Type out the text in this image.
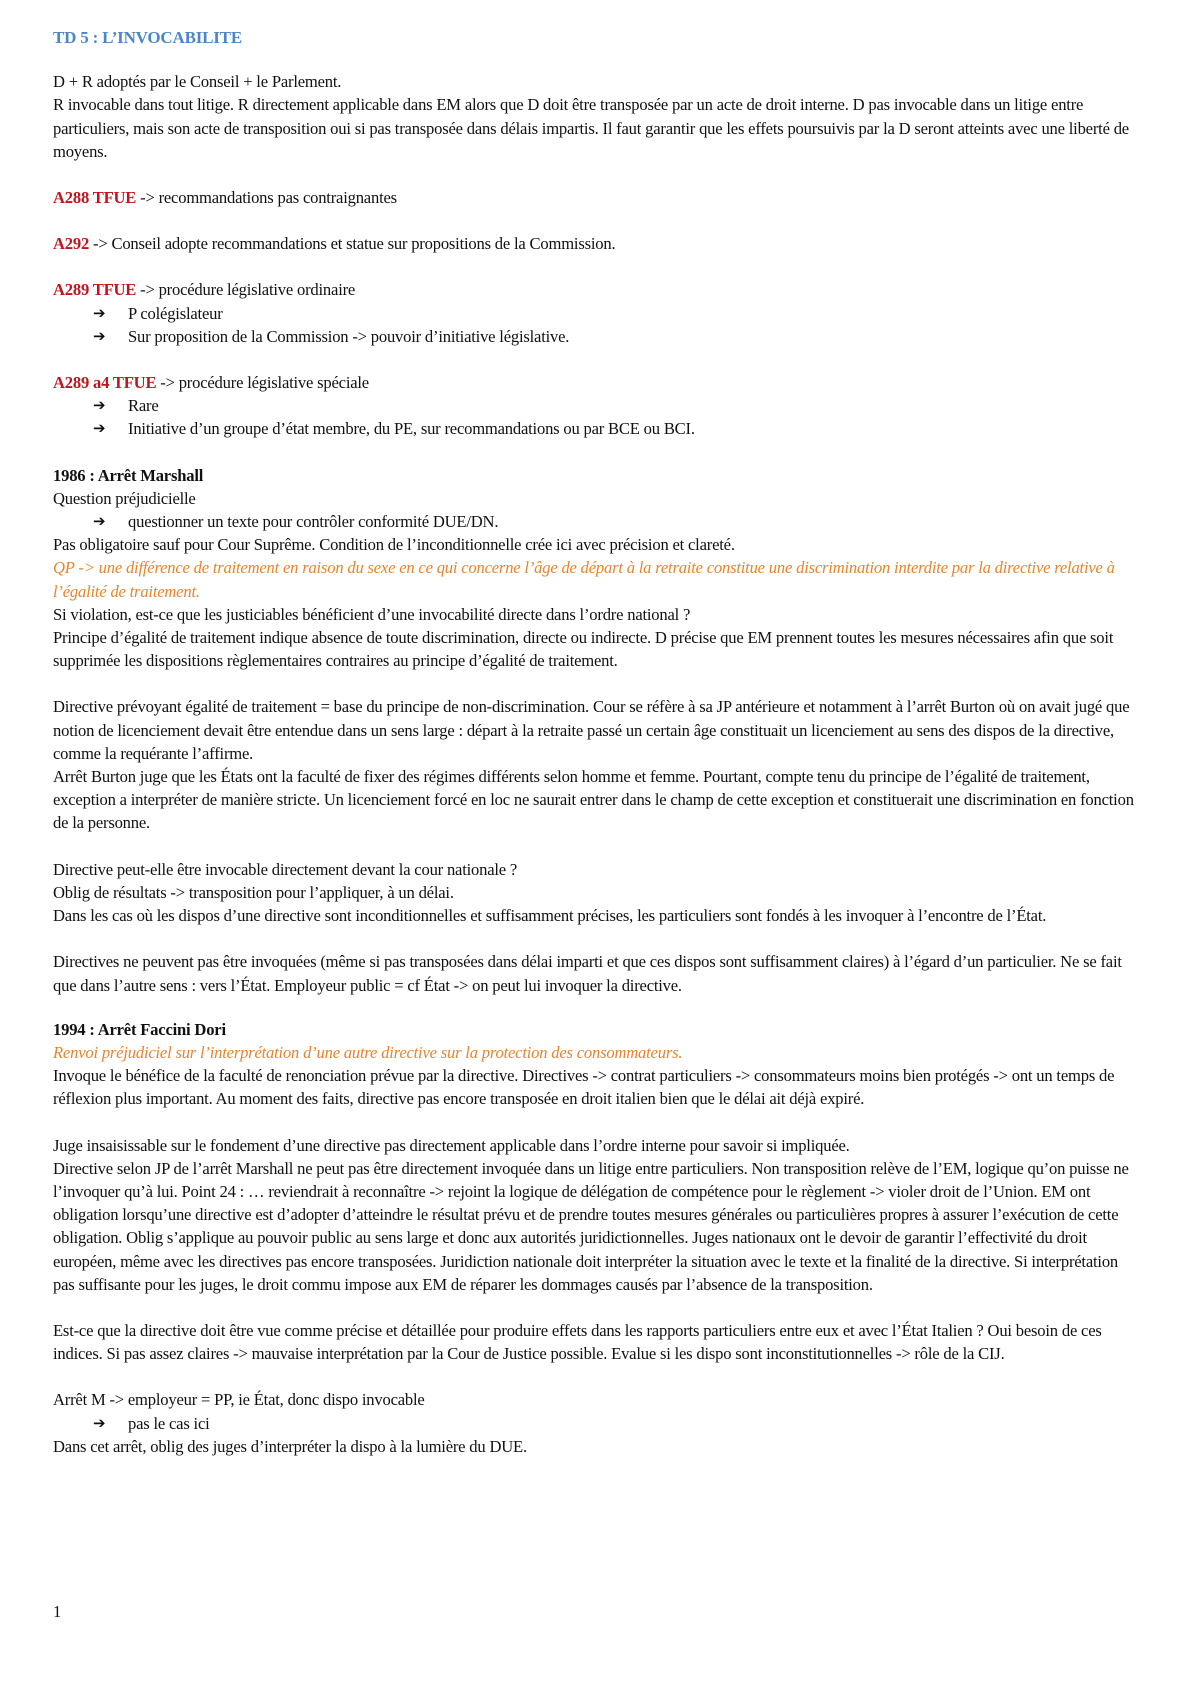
TD 5 : L’INVOCABILITE

D + R adoptés par le Conseil + le Parlement.

R invocable dans tout litige. R directement applicable dans EM alors que D doit être transposée par un acte de droit interne. D pas invocable dans un litige entre particuliers, mais son acte de transposition oui si pas transposée dans délais impartis. Il faut garantir que les effets poursuivis par la D seront atteints avec une liberté de moyens.

A288 TFUE -> recommandations pas contraignantes

A292 -> Conseil adopte recommandations et statue sur propositions de la Commission.

A289 TFUE -> procédure législative ordinaire

➔	P colégislateur

➔	Sur proposition de la Commission -> pouvoir d’initiative législative.

A289 a4 TFUE -> procédure législative spéciale

➔	Rare

➔	Initiative d’un groupe d’état membre, du PE, sur recommandations ou par BCE ou BCI.

1986 : Arrêt Marshall

Question préjudicielle

➔	questionner un texte pour contrôler conformité DUE/DN.

Pas obligatoire sauf pour Cour Suprême. Condition de l’inconditionnelle crée ici avec précision et clareté.

QP -> une différence de traitement en raison du sexe en ce qui concerne l’âge de départ à la retraite constitue une discrimination interdite par la directive relative à l’égalité de traitement.

Si violation, est-ce que les justiciables bénéficient d’une invocabilité directe dans l’ordre national ?

Principe d’égalité de traitement indique absence de toute discrimination, directe ou indirecte. D précise que EM prennent toutes les mesures nécessaires afin que soit supprimée les dispositions règlementaires contraires au principe d’égalité de traitement.

Directive prévoyant égalité de traitement = base du principe de non-discrimination. Cour se réfère à sa JP antérieure et notamment à l’arrêt Burton où on avait jugé que notion de licenciement devait être entendue dans un sens large : départ à la retraite passé un certain âge constituait un licenciement au sens des dispos de la directive, comme la requérante l’affirme.

Arrêt Burton juge que les États ont la faculté de fixer des régimes différents selon homme et femme. Pourtant, compte tenu du principe de l’égalité de traitement, exception a interpréter de manière stricte. Un licenciement forcé en loc ne saurait entrer dans le champ de cette exception et constituerait une discrimination en fonction de la personne.

Directive peut-elle être invocable directement devant la cour nationale ?

Oblig de résultats -> transposition pour l’appliquer, à un délai.

Dans les cas où les dispos d’une directive sont inconditionnelles et suffisamment précises, les particuliers sont fondés à les invoquer à l’encontre de l’État.

Directives ne peuvent pas être invoquées (même si pas transposées dans délai imparti et que ces dispos sont suffisamment claires) à l’égard d’un particulier. Ne se fait que dans l’autre sens : vers l’État. Employeur public = cf État -> on peut lui invoquer la directive.

1994 : Arrêt Faccini Dori

Renvoi préjudiciel sur l’interprétation d’une autre directive sur la protection des consommateurs.

Invoque le bénéfice de la faculté de renonciation prévue par la directive. Directives -> contrat particuliers -> consommateurs moins bien protégés -> ont un temps de réflexion plus important. Au moment des faits, directive pas encore transposée en droit italien bien que le délai ait déjà expiré.

Juge insaisissable sur le fondement d’une directive pas directement applicable dans l’ordre interne pour savoir si impliquée.

Directive selon JP de l’arrêt Marshall ne peut pas être directement invoquée dans un litige entre particuliers. Non transposition relève de l’EM, logique qu’on puisse ne l’invoquer qu’à lui. Point 24 : … reviendrait à reconnaître -> rejoint la logique de délégation de compétence pour le règlement -> violer droit de l’Union. EM ont obligation lorsqu’une directive est d’adopter d’atteindre le résultat prévu et de prendre toutes mesures générales ou particulières propres à assurer l’exécution de cette obligation. Oblig s’applique au pouvoir public au sens large et donc aux autorités juridictionnelles. Juges nationaux ont le devoir de garantir l’effectivité du droit européen, même avec les directives pas encore transposées. Juridiction nationale doit interpréter la situation avec le texte et la finalité de la directive. Si interprétation pas suffisante pour les juges, le droit commu impose aux EM de réparer les dommages causés par l’absence de la transposition.

Est-ce que la directive doit être vue comme précise et détaillée pour produire effets dans les rapports particuliers entre eux et avec l’État Italien ? Oui besoin de ces indices. Si pas assez claires -> mauvaise interprétation par la Cour de Justice possible. Evalue si les dispo sont inconstitutionnelles -> rôle de la CIJ.

Arrêt M -> employeur = PP, ie État, donc dispo invocable

➔	pas le cas ici

Dans cet arrêt, oblig des juges d’interpréter la dispo à la lumière du DUE.

1
